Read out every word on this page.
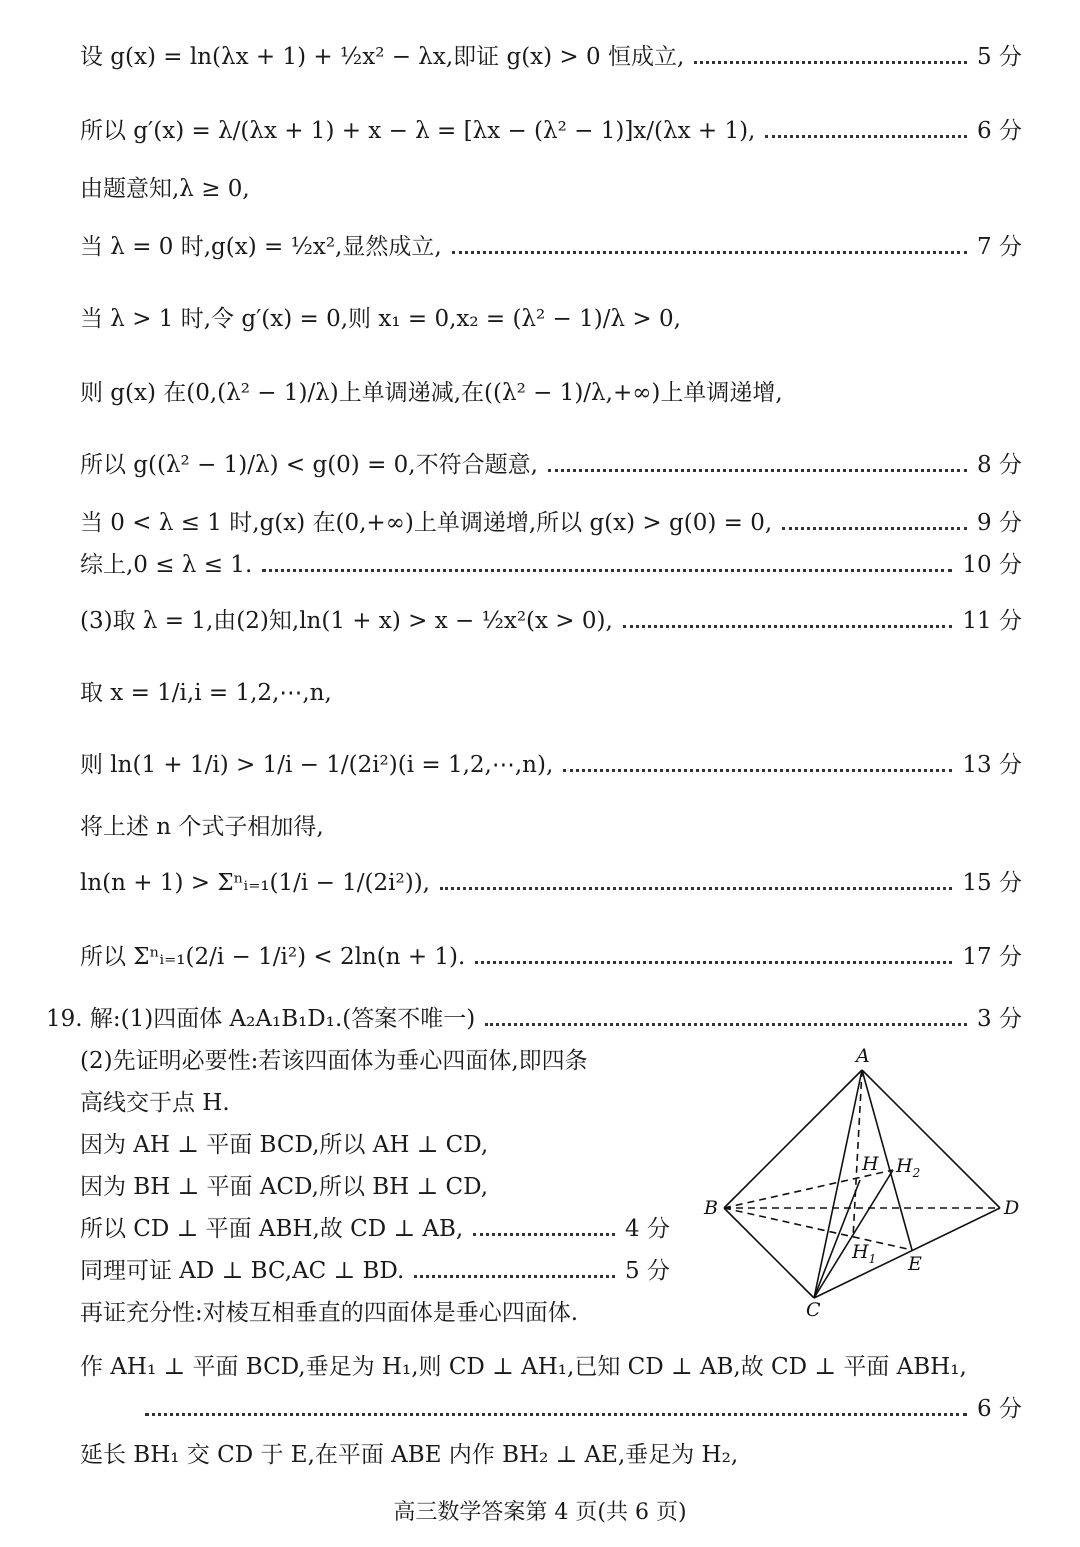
设 g(x) = ln(λx + 1) + ½x² − λx,即证 g(x) > 0 恒成立,	5 分
所以 g′(x) = λ/(λx + 1) + x − λ = [λx − (λ² − 1)]x/(λx + 1),	6 分
由题意知,λ ≥ 0,
当 λ = 0 时,g(x) = ½x²,显然成立,	7 分
当 λ > 1 时,令 g′(x) = 0,则 x₁ = 0,x₂ = (λ² − 1)/λ > 0,
则 g(x) 在(0,(λ² − 1)/λ)上单调递减,在((λ² − 1)/λ,+∞)上单调递增,
所以 g((λ² − 1)/λ) < g(0) = 0,不符合题意,	8 分
当 0 < λ ≤ 1 时,g(x) 在(0,+∞)上单调递增,所以 g(x) > g(0) = 0,	9 分
综上,0 ≤ λ ≤ 1.	10 分
(3)取 λ = 1,由(2)知,ln(1 + x) > x − ½x²(x > 0),	11 分
取 x = 1/i,i = 1,2,⋯,n,
则 ln(1 + 1/i) > 1/i − 1/(2i²)(i = 1,2,⋯,n),	13 分
将上述 n 个式子相加得,
ln(n + 1) > Σⁿᵢ₌₁(1/i − 1/(2i²)),	15 分
所以 Σⁿᵢ₌₁(2/i − 1/i²) < 2ln(n + 1).	17 分
19. 解:(1)四面体 A₂A₁B₁D₁.(答案不唯一)	3 分
(2)先证明必要性:若该四面体为垂心四面体,即四条
高线交于点 H.
因为 AH ⊥ 平面 BCD,所以 AH ⊥ CD,
因为 BH ⊥ 平面 ACD,所以 BH ⊥ CD,
所以 CD ⊥ 平面 ABH,故 CD ⊥ AB,	4 分
同理可证 AD ⊥ BC,AC ⊥ BD.	5 分
再证充分性:对棱互相垂直的四面体是垂心四面体.
作 AH₁ ⊥ 平面 BCD,垂足为 H₁,则 CD ⊥ AH₁,已知 CD ⊥ AB,故 CD ⊥ 平面 ABH₁,
6 分
延长 BH₁ 交 CD 于 E,在平面 ABE 内作 BH₂ ⊥ AE,垂足为 H₂,
A
B
C
D
E
H $H_2$
$H_1$
高三数学答案第 4 页(共 6 页)
